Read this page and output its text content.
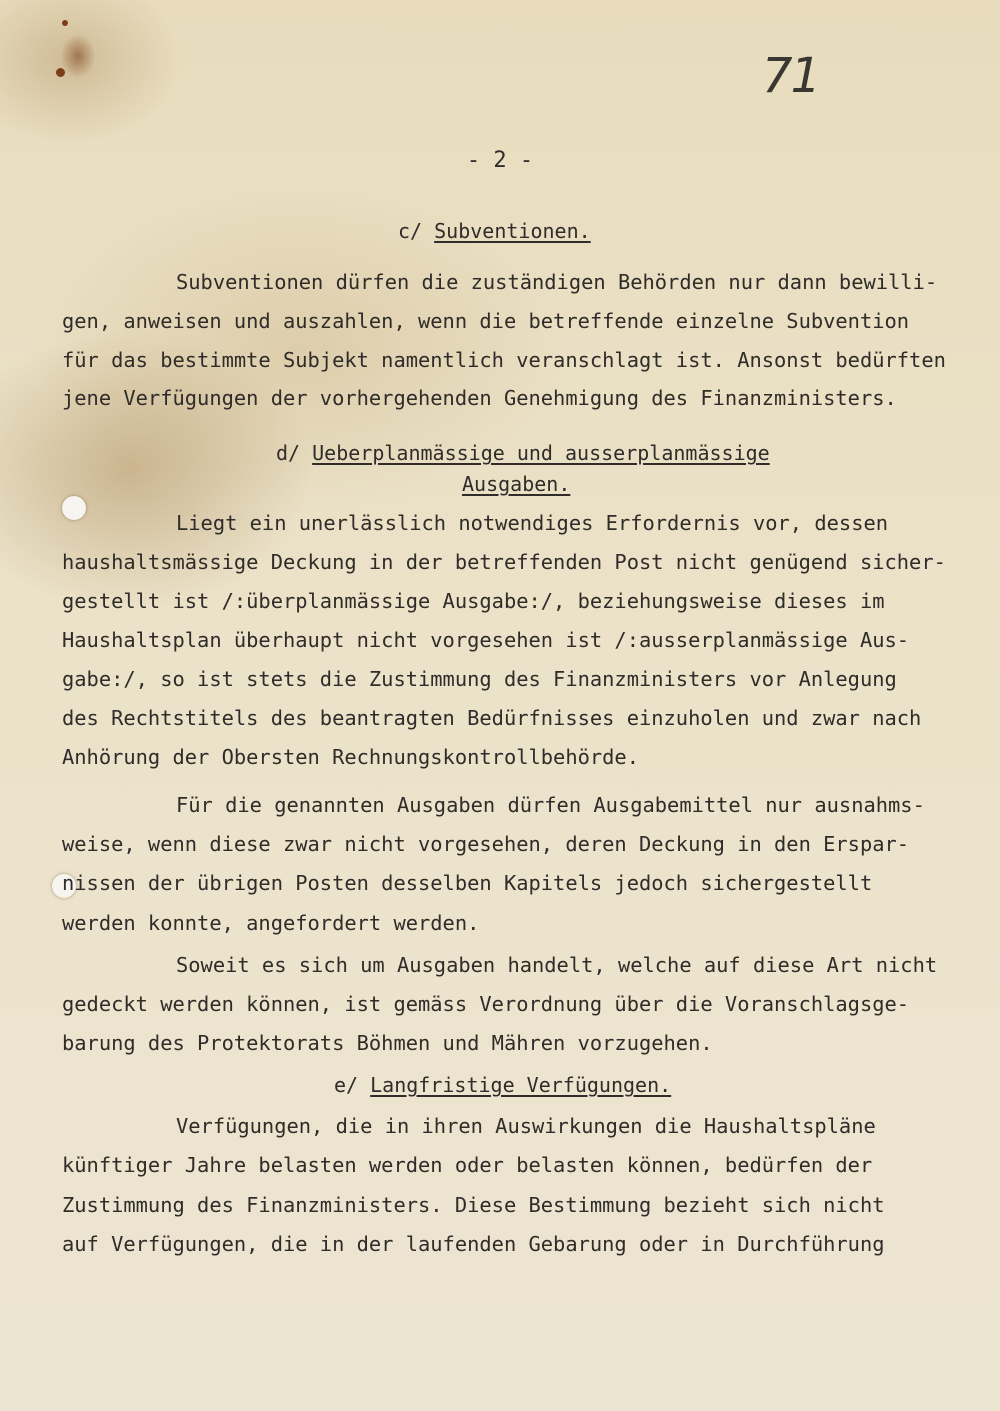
71
- 2 -
c/ Subventionen.
Subventionen dürfen die zuständigen Behörden nur dann bewilli-
gen, anweisen und auszahlen, wenn die betreffende einzelne Subvention
für das bestimmte Subjekt namentlich veranschlagt ist. Ansonst bedürften
jene Verfügungen der vorhergehenden Genehmigung des Finanzministers.
d/ Ueberplanmässige und ausserplanmässige
Ausgaben.
Liegt ein unerlässlich notwendiges Erfordernis vor, dessen
haushaltsmässige Deckung in der betreffenden Post nicht genügend sicher-
gestellt ist /:überplanmässige Ausgabe:/, beziehungsweise dieses im
Haushaltsplan überhaupt nicht vorgesehen ist /:ausserplanmässige Aus-
gabe:/, so ist stets die Zustimmung des Finanzministers vor Anlegung
des Rechtstitels des beantragten Bedürfnisses einzuholen und zwar nach
Anhörung der Obersten Rechnungskontrollbehörde.
Für die genannten Ausgaben dürfen Ausgabemittel nur ausnahms-
weise, wenn diese zwar nicht vorgesehen, deren Deckung in den Erspar-
nissen der übrigen Posten desselben Kapitels jedoch sichergestellt
werden konnte, angefordert werden.
Soweit es sich um Ausgaben handelt, welche auf diese Art nicht
gedeckt werden können, ist gemäss Verordnung über die Voranschlagsge-
barung des Protektorats Böhmen und Mähren vorzugehen.
e/ Langfristige Verfügungen.
Verfügungen, die in ihren Auswirkungen die Haushaltspläne
künftiger Jahre belasten werden oder belasten können, bedürfen der
Zustimmung des Finanzministers. Diese Bestimmung bezieht sich nicht
auf Verfügungen, die in der laufenden Gebarung oder in Durchführung
